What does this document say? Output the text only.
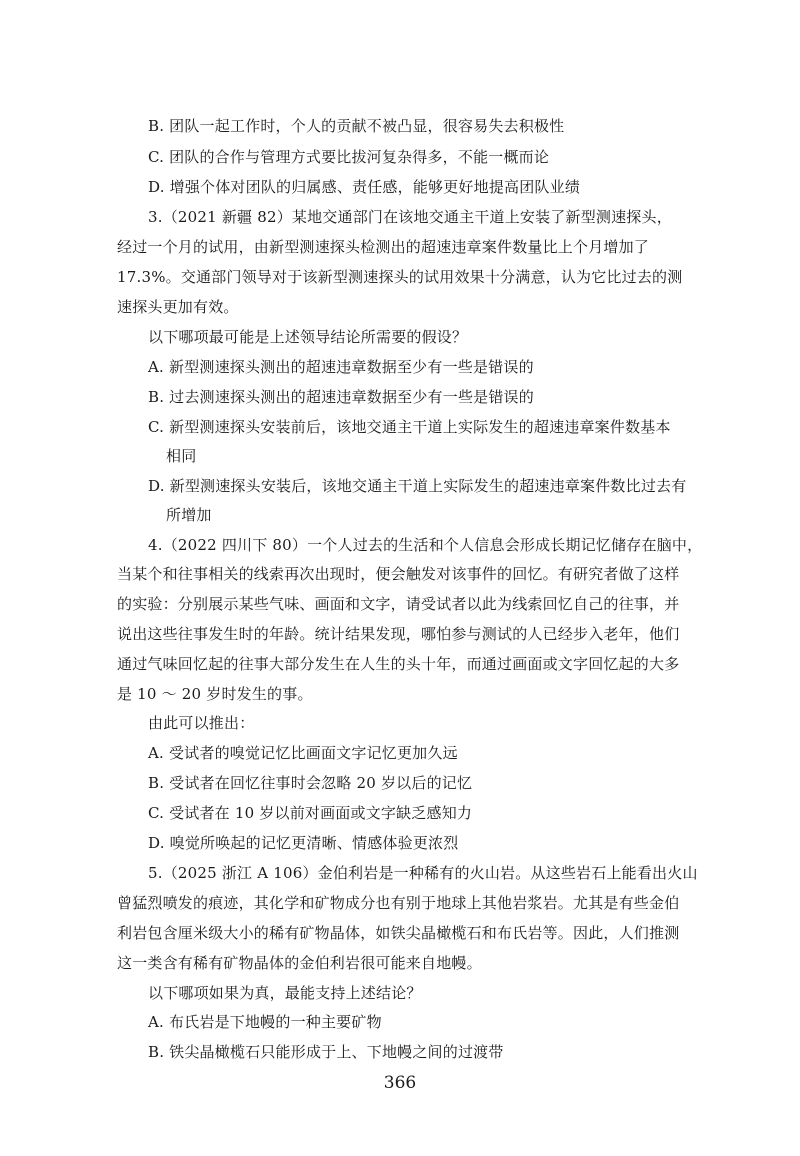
B. 团队一起工作时，个人的贡献不被凸显，很容易失去积极性
C. 团队的合作与管理方式要比拔河复杂得多，不能一概而论
D. 增强个体对团队的归属感、责任感，能够更好地提高团队业绩
3.（2021 新疆 82）某地交通部门在该地交通主干道上安装了新型测速探头，
经过一个月的试用，由新型测速探头检测出的超速违章案件数量比上个月增加了
17.3%。交通部门领导对于该新型测速探头的试用效果十分满意，认为它比过去的测
速探头更加有效。
以下哪项最可能是上述领导结论所需要的假设？
A. 新型测速探头测出的超速违章数据至少有一些是错误的
B. 过去测速探头测出的超速违章数据至少有一些是错误的
C. 新型测速探头安装前后，该地交通主干道上实际发生的超速违章案件数基本
相同
D. 新型测速探头安装后，该地交通主干道上实际发生的超速违章案件数比过去有
所增加
4.（2022 四川下 80）一个人过去的生活和个人信息会形成长期记忆储存在脑中，
当某个和往事相关的线索再次出现时，便会触发对该事件的回忆。有研究者做了这样
的实验：分别展示某些气味、画面和文字，请受试者以此为线索回忆自己的往事，并
说出这些往事发生时的年龄。统计结果发现，哪怕参与测试的人已经步入老年，他们
通过气味回忆起的往事大部分发生在人生的头十年，而通过画面或文字回忆起的大多
是 10 ～ 20 岁时发生的事。
由此可以推出：
A. 受试者的嗅觉记忆比画面文字记忆更加久远
B. 受试者在回忆往事时会忽略 20 岁以后的记忆
C. 受试者在 10 岁以前对画面或文字缺乏感知力
D. 嗅觉所唤起的记忆更清晰、情感体验更浓烈
5.（2025 浙江 A 106）金伯利岩是一种稀有的火山岩。从这些岩石上能看出火山
曾猛烈喷发的痕迹，其化学和矿物成分也有别于地球上其他岩浆岩。尤其是有些金伯
利岩包含厘米级大小的稀有矿物晶体，如铁尖晶橄榄石和布氏岩等。因此，人们推测
这一类含有稀有矿物晶体的金伯利岩很可能来自地幔。
以下哪项如果为真，最能支持上述结论？
A. 布氏岩是下地幔的一种主要矿物
B. 铁尖晶橄榄石只能形成于上、下地幔之间的过渡带
366
